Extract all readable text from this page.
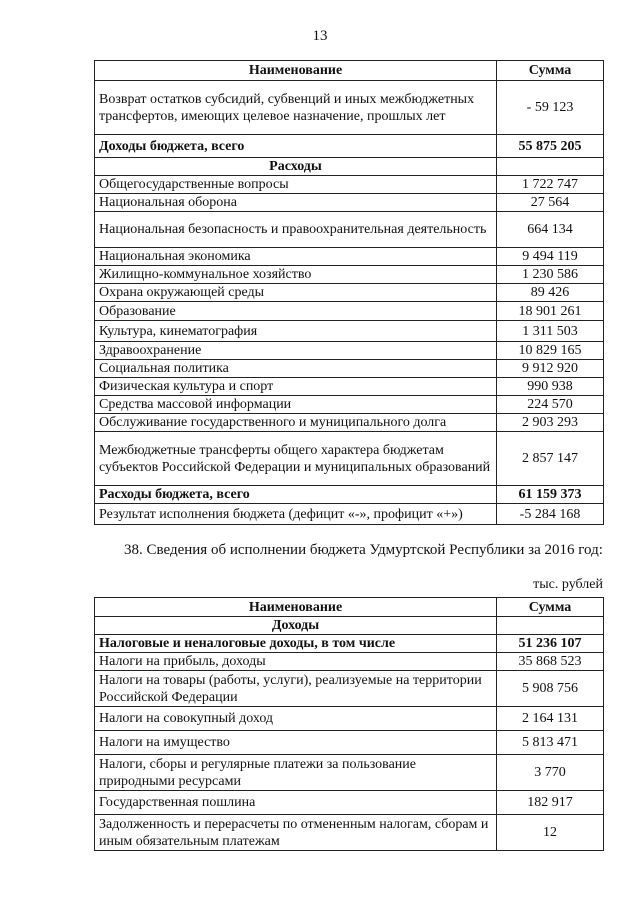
13
Наименование	Сумма
Возврат остатков субсидий, субвенций и иных межбюджетных трансфертов, имеющих целевое назначение, прошлых лет	- 59 123
Доходы бюджета, всего	55 875 205
Расходы	
Общегосударственные вопросы	1 722 747
Национальная оборона	27 564
Национальная безопасность и правоохранительная деятельность	664 134
Национальная экономика	9 494 119
Жилищно-коммунальное хозяйство	1 230 586
Охрана окружающей среды	89 426
Образование	18 901 261
Культура, кинематография	1 311 503
Здравоохранение	10 829 165
Социальная политика	9 912 920
Физическая культура и спорт	990 938
Средства массовой информации	224 570
Обслуживание государственного и муниципального долга	2 903 293
Межбюджетные трансферты общего характера бюджетам субъектов Российской Федерации и муниципальных образований	2 857 147
Расходы бюджета, всего	61 159 373
Результат исполнения бюджета (дефицит «-», профицит «+»)	-5 284 168
38. Сведения об исполнении бюджета Удмуртской Республики за 2016 год:
тыс. рублей
Наименование	Сумма
Доходы	
Налоговые и неналоговые доходы, в том числе	51 236 107
Налоги на прибыль, доходы	35 868 523
Налоги на товары (работы, услуги), реализуемые на территории Российской Федерации	5 908 756
Налоги на совокупный доход	2 164 131
Налоги на имущество	5 813 471
Налоги, сборы и регулярные платежи за пользование природными ресурсами	3 770
Государственная пошлина	182 917
Задолженность и перерасчеты по отмененным налогам, сборам и иным обязательным платежам	12
